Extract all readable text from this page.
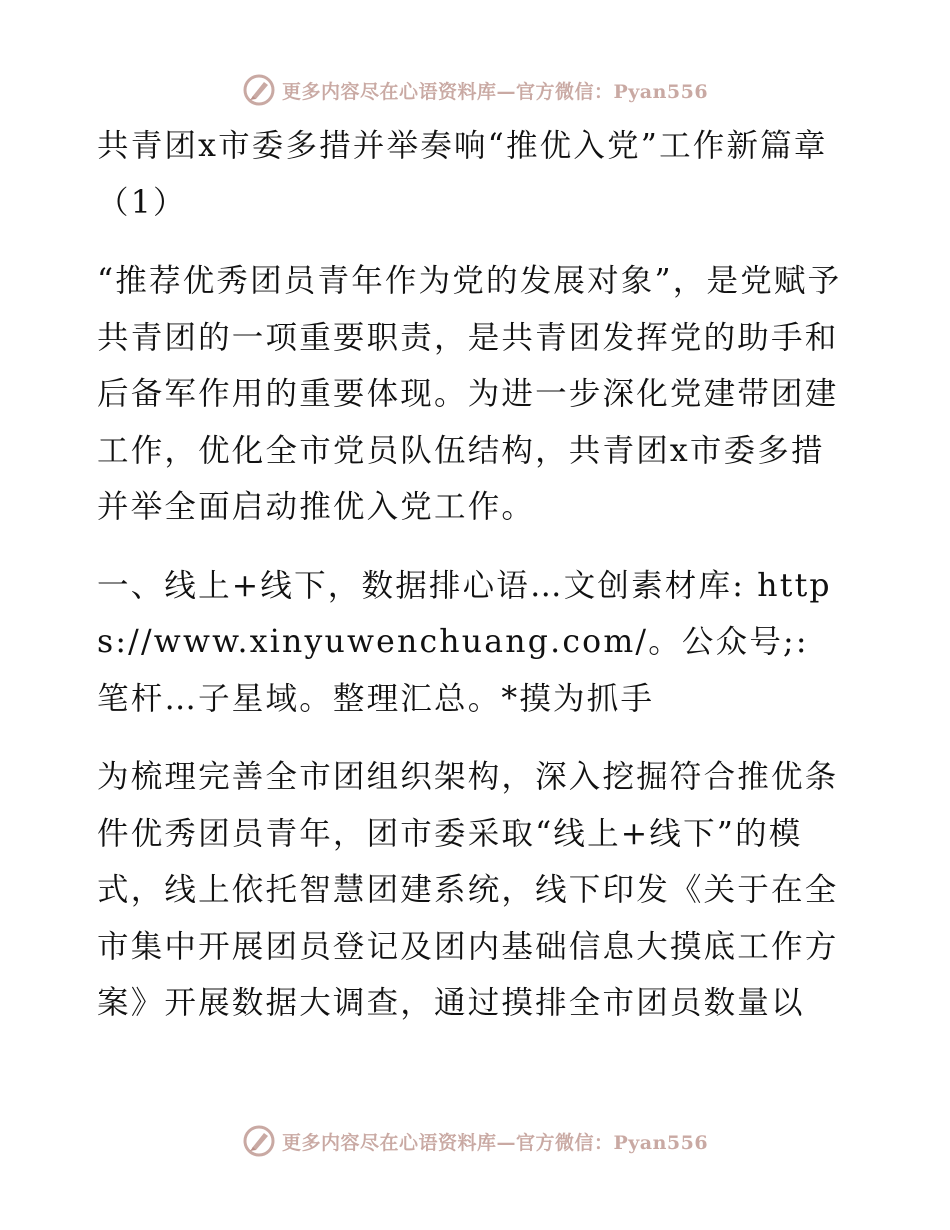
更多内容尽在心语资料库—官方微信：Pyan556

共青团x市委多措并举奏响“推优入党”工作新篇章（1）

“推荐优秀团员青年作为党的发展对象”，是党赋予共青团的一项重要职责，是共青团发挥党的助手和后备军作用的重要体现。为进一步深化党建带团建工作，优化全市党员队伍结构，共青团x市委多措并举全面启动推优入党工作。

一、线上+线下，数据排心语…文创素材库: https://www.xinyuwenchuang.com/。公众号;: 笔杆…子星域。整理汇总。*摸为抓手

为梳理完善全市团组织架构，深入挖掘符合推优条件优秀团员青年，团市委采取“线上+线下”的模式，线上依托智慧团建系统，线下印发《关于在全市集中开展团员登记及团内基础信息大摸底工作方案》开展数据大调查，通过摸排全市团员数量以

更多内容尽在心语资料库—官方微信：Pyan556
